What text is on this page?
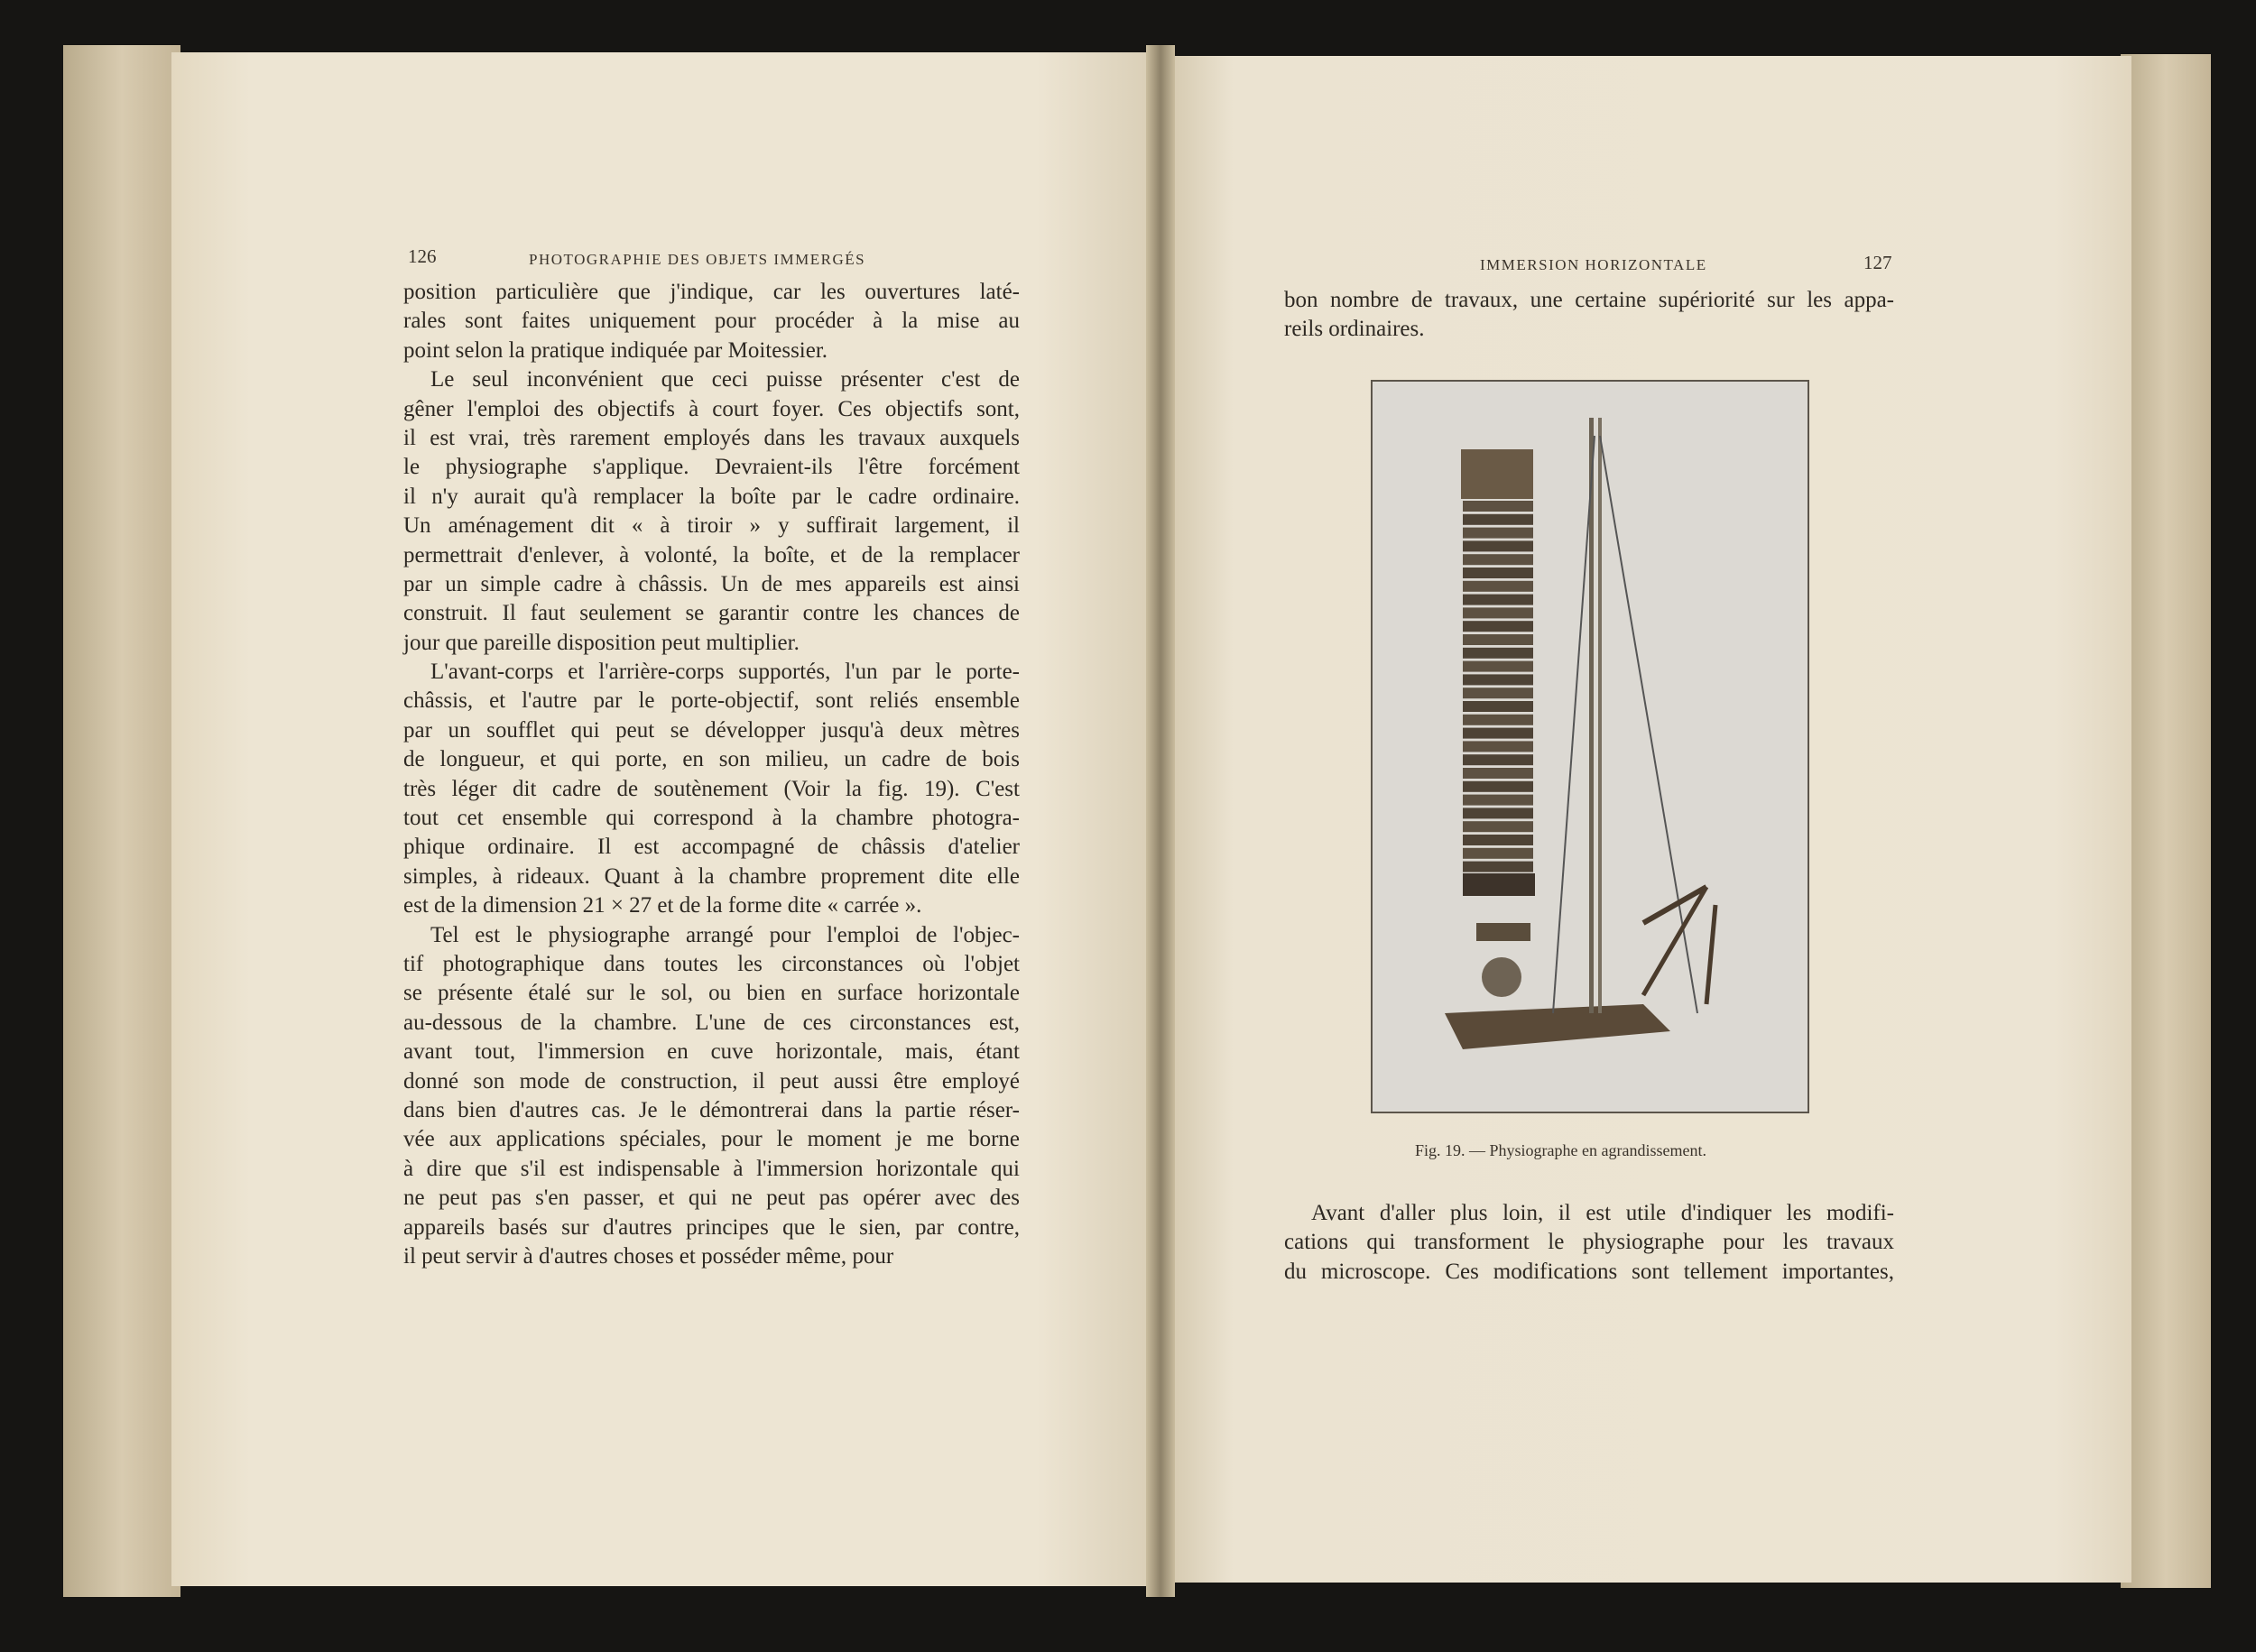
126	PHOTOGRAPHIE DES OBJETS IMMERGÉS
position particulière que j'indique, car les ouvertures laté-
rales sont faites uniquement pour procéder à la mise au
point selon la pratique indiquée par Moitessier.
Le seul inconvénient que ceci puisse présenter c'est de
gêner l'emploi des objectifs à court foyer. Ces objectifs sont,
il est vrai, très rarement employés dans les travaux auxquels
le physiographe s'applique. Devraient-ils l'être forcément
il n'y aurait qu'à remplacer la boîte par le cadre ordinaire.
Un aménagement dit « à tiroir » y suffirait largement, il
permettrait d'enlever, à volonté, la boîte, et de la remplacer
par un simple cadre à châssis. Un de mes appareils est ainsi
construit. Il faut seulement se garantir contre les chances de
jour que pareille disposition peut multiplier.
L'avant-corps et l'arrière-corps supportés, l'un par le porte-
châssis, et l'autre par le porte-objectif, sont reliés ensemble
par un soufflet qui peut se développer jusqu'à deux mètres
de longueur, et qui porte, en son milieu, un cadre de bois
très léger dit cadre de soutènement (Voir la fig. 19). C'est
tout cet ensemble qui correspond à la chambre photogra-
phique ordinaire. Il est accompagné de châssis d'atelier
simples, à rideaux. Quant à la chambre proprement dite elle
est de la dimension 21 × 27 et de la forme dite « carrée ».
Tel est le physiographe arrangé pour l'emploi de l'objec-
tif photographique dans toutes les circonstances où l'objet
se présente étalé sur le sol, ou bien en surface horizontale
au-dessous de la chambre. L'une de ces circonstances est,
avant tout, l'immersion en cuve horizontale, mais, étant
donné son mode de construction, il peut aussi être employé
dans bien d'autres cas. Je le démontrerai dans la partie réser-
vée aux applications spéciales, pour le moment je me borne
à dire que s'il est indispensable à l'immersion horizontale qui
ne peut pas s'en passer, et qui ne peut pas opérer avec des
appareils basés sur d'autres principes que le sien, par contre,
il peut servir à d'autres choses et posséder même, pour
IMMERSION HORIZONTALE	127
bon nombre de travaux, une certaine supériorité sur les appa-
reils ordinaires.
Fig. 19. — Physiographe en agrandissement.
Avant d'aller plus loin, il est utile d'indiquer les modifi-
cations qui transforment le physiographe pour les travaux
du microscope. Ces modifications sont tellement importantes,
